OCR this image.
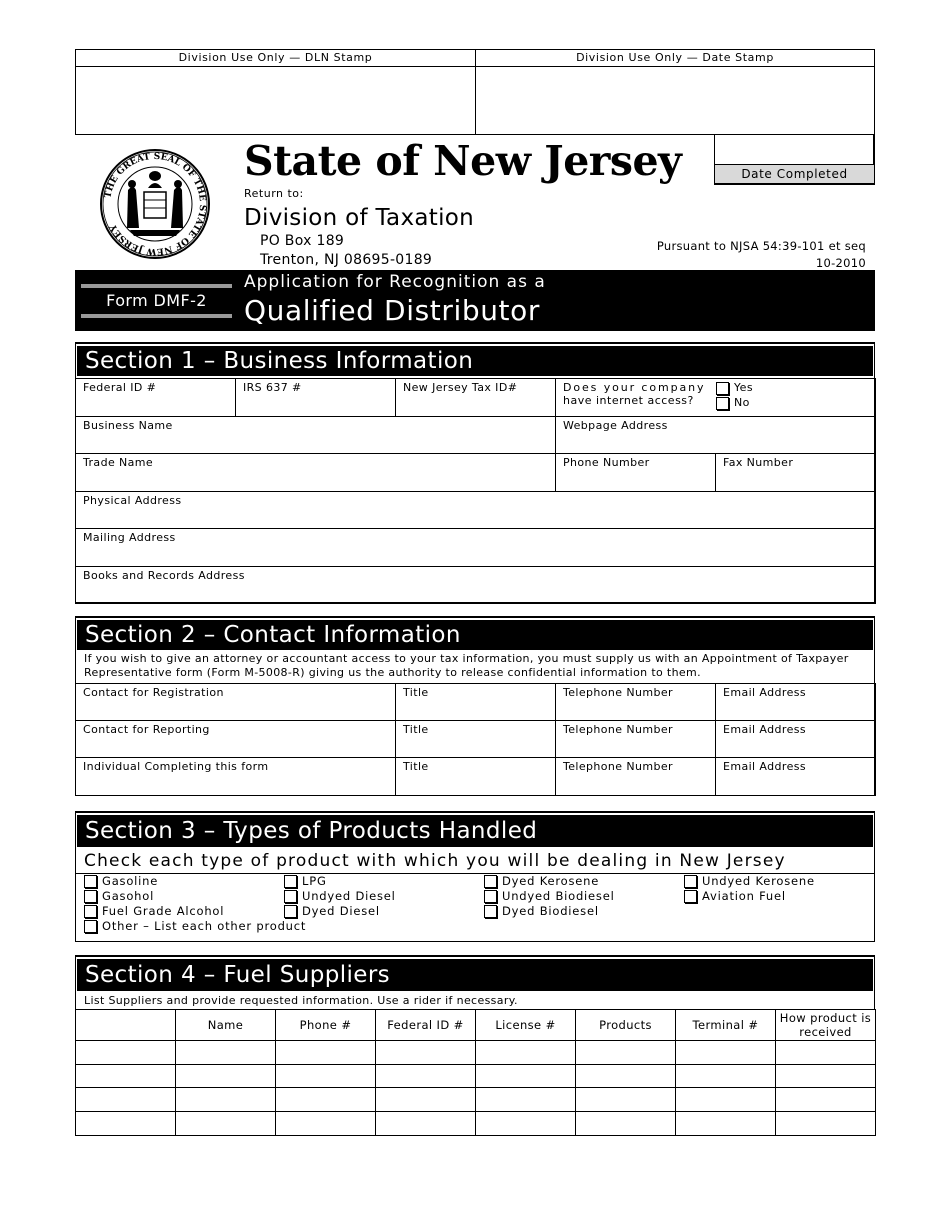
Division Use Only — DLN Stamp	Division Use Only — Date Stamp
THE GREAT SEAL OF THE STATE OF NEW JERSEY
State of New Jersey
Return to:
Division of Taxation
PO Box 189
Trenton, NJ 08695-0189
Date Completed
Pursuant to NJSA 54:39-101 et seq
10-2010
Form DMF-2
Application for Recognition as a
Qualified Distributor
Section 1 – Business Information
Federal ID #	IRS 637 #	New Jersey Tax ID#	Does your company
have internet access?
Yes
No	

Business Name			Webpage Address	
Trade Name			Phone Number	Fax Number
Physical Address				
Mailing Address				
Books and Records Address				
Section 2 – Contact Information
If you wish to give an attorney or accountant access to your tax information, you must supply us with an Appointment of Taxpayer Representative form (Form M-5008-R) giving us the authority to release confidential information to them.
Contact for Registration	Title	Telephone Number	Email Address
Contact for Reporting	Title	Telephone Number	Email Address
Individual Completing this form	Title	Telephone Number	Email Address
Section 3 – Types of Products Handled
Check each type of product with which you will be dealing in New Jersey
Gasoline
Gasohol
Fuel Grade Alcohol
Other – List each other product
LPG
Undyed Diesel
Dyed Diesel
Dyed Kerosene
Undyed Biodiesel
Dyed Biodiesel
Undyed Kerosene
Aviation Fuel
Section 4 – Fuel Suppliers
List Suppliers and provide requested information. Use a rider if necessary.
	Name	Phone #	Federal ID #	License #	Products	Terminal #	How product is received
